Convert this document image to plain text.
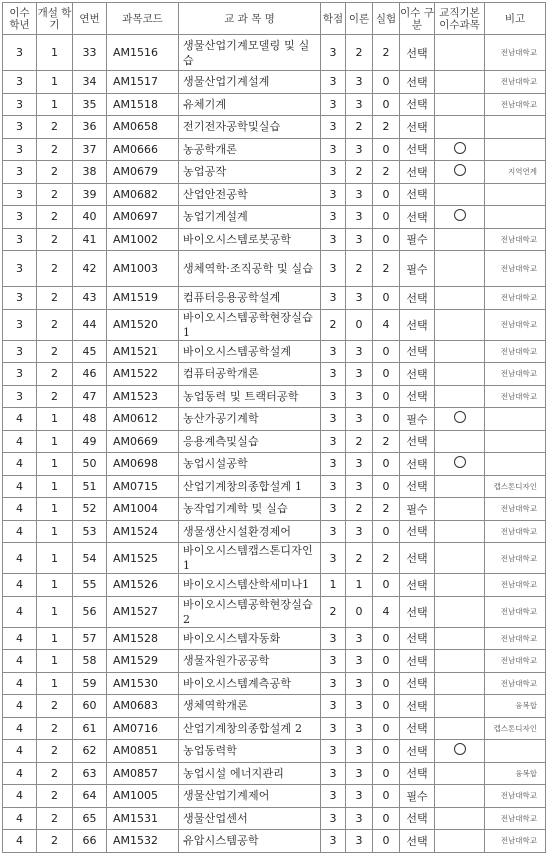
이수 학년	개설 학기	연번	과목코드	교 과 목 명	학점	이론	실험	이수 구분	교직기본 이수과목	비고
3	1	33	AM1516	생물산업기계모델링 및 실습	3	2	2	선택		전남대학교
3	1	34	AM1517	생물산업기계설계	3	3	0	선택		전남대학교
3	1	35	AM1518	유체기계	3	3	0	선택		전남대학교
3	2	36	AM0658	전기전자공학및실습	3	2	2	선택		
3	2	37	AM0666	농공학개론	3	3	0	선택		
3	2	38	AM0679	농업공작	3	2	2	선택		지역연계
3	2	39	AM0682	산업안전공학	3	3	0	선택		
3	2	40	AM0697	농업기계설계	3	3	0	선택		
3	2	41	AM1002	바이오시스템로봇공학	3	3	0	필수		전남대학교
3	2	42	AM1003	생체역학·조직공학 및 실습	3	2	2	필수		전남대학교
3	2	43	AM1519	컴퓨터응용공학설계	3	3	0	선택		전남대학교
3	2	44	AM1520	바이오시스템공학현장실습1	2	0	4	선택		전남대학교
3	2	45	AM1521	바이오시스템공학설계	3	3	0	선택		전남대학교
3	2	46	AM1522	컴퓨터공학개론	3	3	0	선택		전남대학교
3	2	47	AM1523	농업동력 및 트랙터공학	3	3	0	선택		전남대학교
4	1	48	AM0612	농산가공기계학	3	3	0	필수		
4	1	49	AM0669	응용계측및실습	3	2	2	선택		
4	1	50	AM0698	농업시설공학	3	3	0	선택		
4	1	51	AM0715	산업기계창의종합설계 1	3	3	0	선택		캡스톤디자인
4	1	52	AM1004	농작업기계학 및 실습	3	2	2	필수		전남대학교
4	1	53	AM1524	생물생산시설환경제어	3	3	0	선택		전남대학교
4	1	54	AM1525	바이오시스템캡스톤디자인1	3	2	2	선택		전남대학교
4	1	55	AM1526	바이오시스템산학세미나1	1	1	0	선택		전남대학교
4	1	56	AM1527	바이오시스템공학현장실습2	2	0	4	선택		전남대학교
4	1	57	AM1528	바이오시스템자동화	3	3	0	선택		전남대학교
4	1	58	AM1529	생물자원가공공학	3	3	0	선택		전남대학교
4	1	59	AM1530	바이오시스템계측공학	3	3	0	선택		전남대학교
4	2	60	AM0683	생체역학개론	3	3	0	선택		융복합
4	2	61	AM0716	산업기계창의종합설계 2	3	3	0	선택		캡스톤디자인
4	2	62	AM0851	농업동력학	3	3	0	선택		
4	2	63	AM0857	농업시설 에너지관리	3	3	0	선택		융복합
4	2	64	AM1005	생물산업기계제어	3	3	0	필수		전남대학교
4	2	65	AM1531	생물산업센서	3	3	0	선택		전남대학교
4	2	66	AM1532	유압시스템공학	3	3	0	선택		전남대학교
